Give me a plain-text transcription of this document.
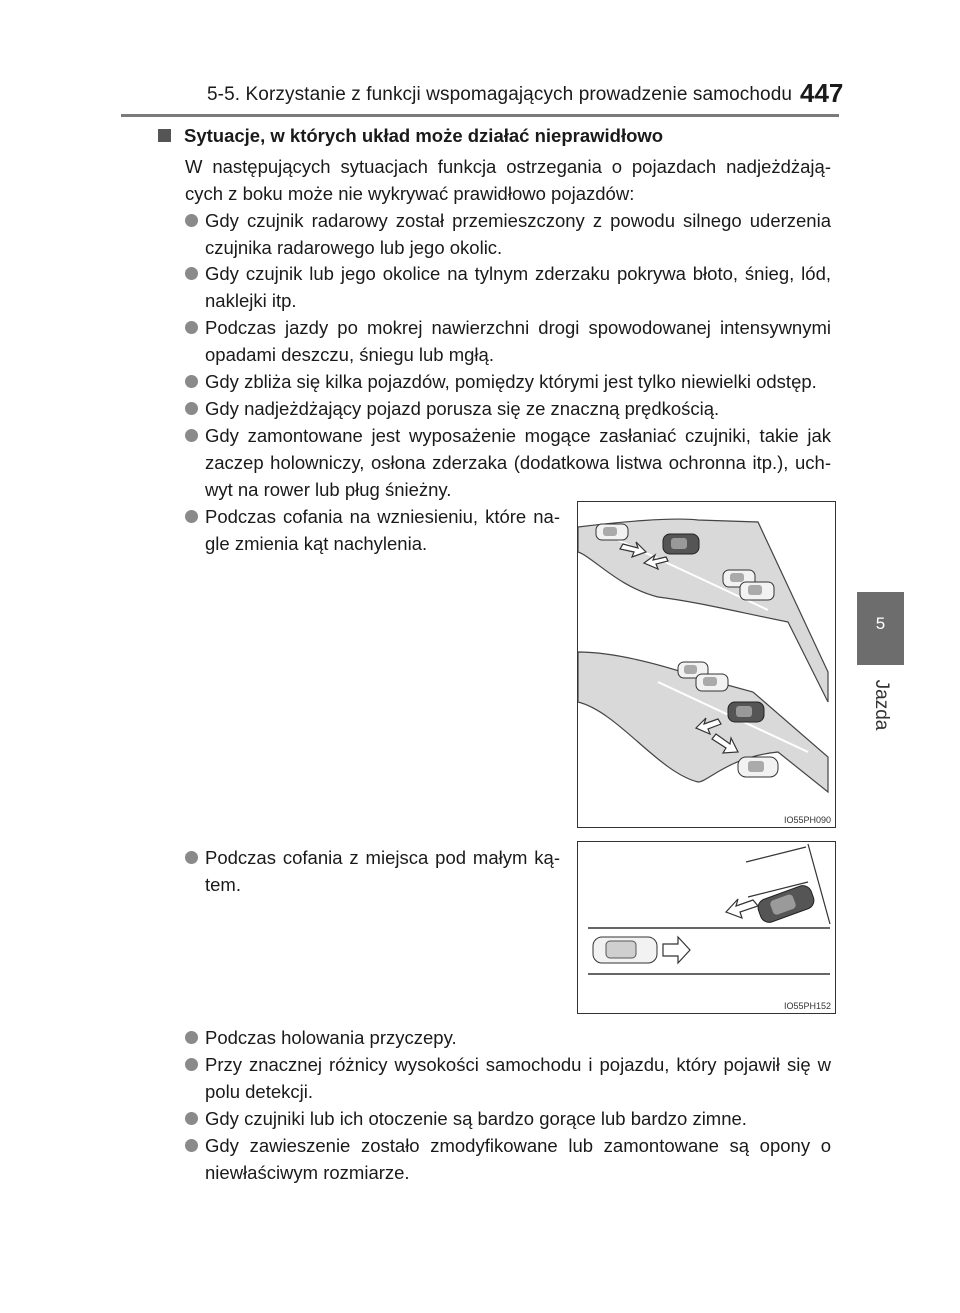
5-5. Korzystanie z funkcji wspomagających prowadzenie samochodu 447
5
Jazda
Sytuacje, w których układ może działać nieprawidłowo
W następujących sytuacjach funkcja ostrzegania o pojazdach nadjeżdżają-cych z boku może nie wykrywać prawidłowo pojazdów:
Gdy czujnik radarowy został przemieszczony z powodu silnego uderzenia czujnika radarowego lub jego okolic.
Gdy czujnik lub jego okolice na tylnym zderzaku pokrywa błoto, śnieg, lód, naklejki itp.
Podczas jazdy po mokrej nawierzchni drogi spowodowanej intensywnymi opadami deszczu, śniegu lub mgłą.
Gdy zbliża się kilka pojazdów, pomiędzy którymi jest tylko niewielki odstęp.
Gdy nadjeżdżający pojazd porusza się ze znaczną prędkością.
Gdy zamontowane jest wyposażenie mogące zasłaniać czujniki, takie jak zaczep holowniczy, osłona zderzaka (dodatkowa listwa ochronna itp.), uch-wyt na rower lub pług śnieżny.
Podczas cofania na wzniesieniu, które na-gle zmienia kąt nachylenia.
Podczas cofania z miejsca pod małym ką-tem.
Podczas holowania przyczepy.
Przy znacznej różnicy wysokości samochodu i pojazdu, który pojawił się w polu detekcji.
Gdy czujniki lub ich otoczenie są bardzo gorące lub bardzo zimne.
Gdy zawieszenie zostało zmodyfikowane lub zamontowane są opony o niewłaściwym rozmiarze.
IO55PH090
IO55PH152
